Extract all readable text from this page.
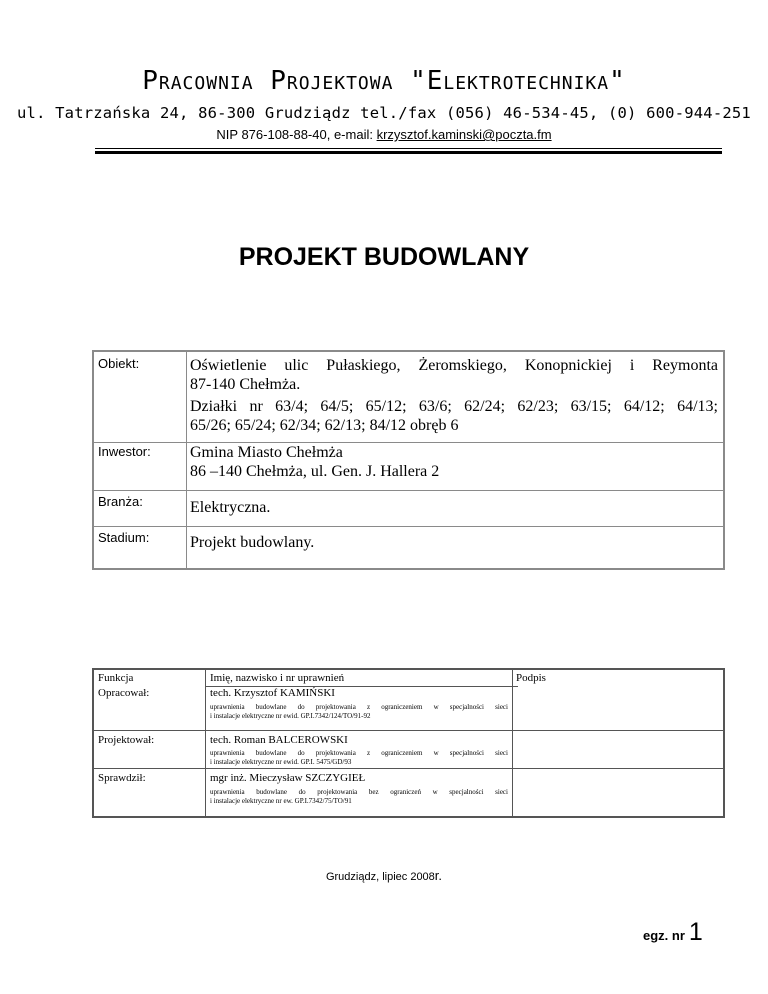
Pracownia Projektowa "Elektrotechnika"
ul. Tatrzańska 24, 86-300 Grudziądz tel./fax (056) 46-534-45, (0) 600-944-251
NIP 876-108-88-40, e-mail: krzysztof.kaminski@poczta.fm
PROJEKT BUDOWLANY
Obiekt:	Oświetlenie ulic Pułaskiego, Żeromskiego, Konopnickiej i Reymonta
87-140 Chełmża.
Działki nr 63/4; 64/5; 65/12; 63/6; 62/24; 62/23; 63/15; 64/12; 64/13;
65/26; 65/24; 62/34; 62/13; 84/12 obręb 6
Inwestor: Gmina Miasto Chełmża
86 –140 Chełmża, ul. Gen. J. Hallera 2
Branża:	Elektryczna.
Stadium:	Projekt budowlany.
Funkcja	Imię, nazwisko i nr uprawnień	Podpis
Opracował:	tech. Krzysztof KAMIŃSKI
uprawnienia budowlane do projektowania z ograniczeniem w specjalności sieci
i instalacje elektryczne nr ewid. GP.I.7342/124/TO/91-92
Projektował:	tech. Roman BALCEROWSKI
uprawnienia budowlane do projektowania z ograniczeniem w specjalności sieci
i instalacje elektryczne nr ewid. GP.I. 5475/GD/93
Sprawdził:	mgr inż. Mieczysław SZCZYGIEŁ
uprawnienia budowlane do projektowania bez ograniczeń w specjalności sieci
i instalacje elektryczne nr ew. GP.I.7342/75/TO/91
Grudziądz, lipiec 2008r.
egz. nr 1
